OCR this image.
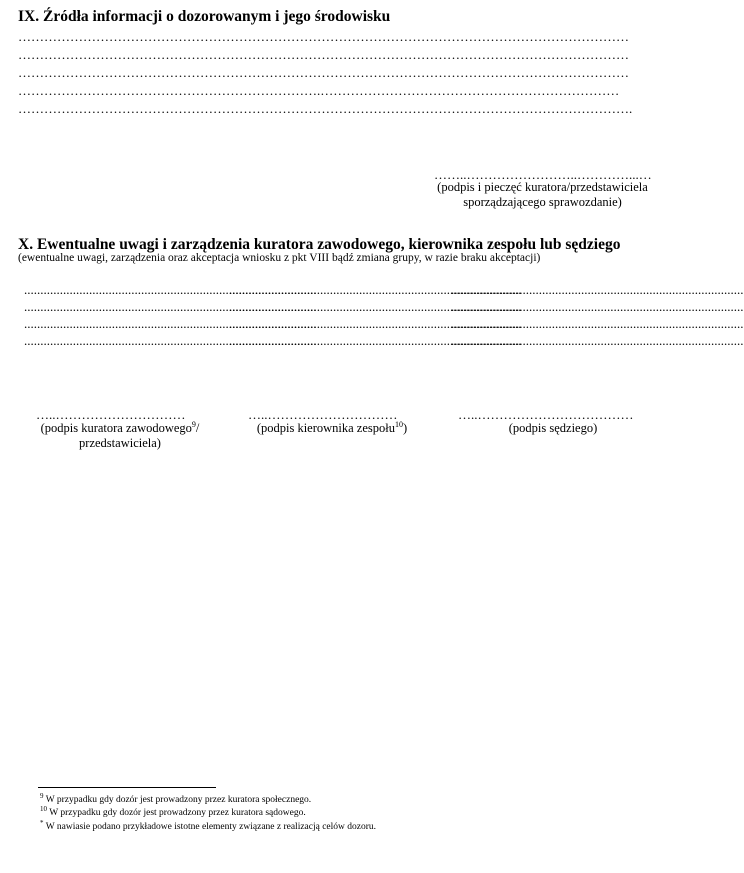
IX. Źródła informacji o dozorowanym i jego środowisku
……………………………………………………………………………………………………………………………
……………………………………………………………………………………………………………………………
……………………………………………………………………………………………………………………………
…………………………………………………………….……………………………………………………………
…………………………………………………………………………………………………………………………….
……..……………………..…………...…
(podpis i pieczęć kuratora/przedstawiciela
sporządzającego sprawozdanie)
X. Ewentualne uwagi i zarządzenia kuratora zawodowego, kierownika zespołu lub sędziego
(ewentualne uwagi, zarządzenia oraz akceptacja wniosku z pkt VIII bądź zmiana grupy, w razie braku akceptacji)
..........................................................................................
..........................................................................................
..........................................................................................
..........................................................................................
..........................................................................................
..........................................................................................
..........................................................................................
..........................................................................................
..........................................................................................
..........................................................................................
..........................................................................................
..........................................................................................
…..…………………………
(podpis kuratora zawodowego$^9$/
przedstawiciela)
…..…………………………
(podpis kierownika zespołu$^{10}$)
…..………………………………
(podpis sędziego)
$^9$ W przypadku gdy dozór jest prowadzony przez kuratora społecznego.
$^{10}$ W przypadku gdy dozór jest prowadzony przez kuratora sądowego.
* W nawiasie podano przykładowe istotne elementy związane z realizacją celów dozoru.
